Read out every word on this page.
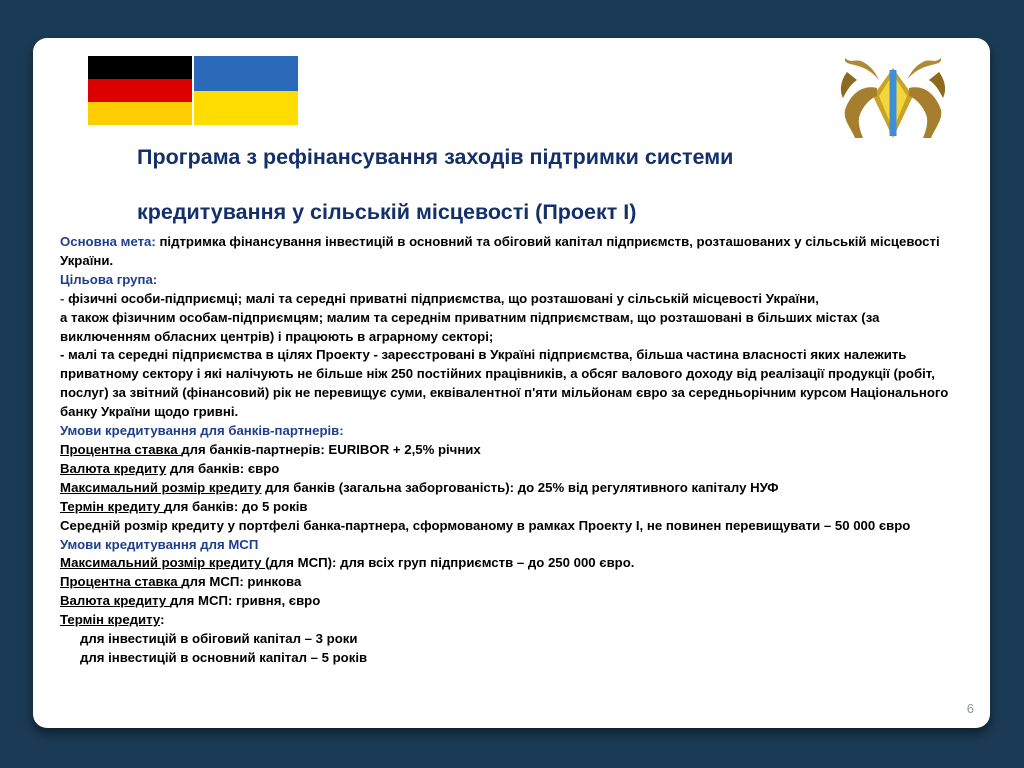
Програма з рефінансування заходів підтримки системи
кредитування у сільській місцевості (Проект I)

Основна мета: підтримка фінансування інвестицій в основний та обіговий капітал підприємств, розташованих у сільській місцевості України.

Цільова група:

- фізичні особи-підприємці; малі та середні приватні підприємства, що розташовані у сільській місцевості України,
а також фізичним особам-підприємцям; малим та середнім приватним підприємствам, що розташовані в більших містах (за виключенням обласних центрів) і працюють в аграрному секторі;

- малі та середні підприємства в цілях Проекту - зареєстровані в Україні підприємства, більша частина власності яких належить приватному сектору і які налічують не більше ніж 250 постійних працівників, а обсяг валового доходу від реалізації продукції (робіт, послуг) за звітний (фінансовий) рік не перевищує суми, еквівалентної п'яти мільйонам євро за середньорічним курсом Національного банку України щодо гривні.

Умови кредитування для банків-партнерів:

Процентна ставка для банків-партнерів: EURIBOR + 2,5% річних

Валюта кредиту для банків: євро

Максимальний розмір кредиту для банків (загальна заборгованість): до 25% від регулятивного капіталу НУФ

Термін кредиту для банків: до 5 років

Середній розмір кредиту у портфелі банка-партнера, сформованому в рамках Проекту I, не повинен перевищувати – 50 000 євро

Умови кредитування для МСП

Максимальний розмір кредиту (для МСП): для всіх груп підприємств – до 250 000 євро.

Процентна ставка для МСП: ринкова

Валюта кредиту для МСП: гривня, євро

Термін кредиту:

для інвестицій в обіговий капітал – 3 роки

для інвестицій в основний капітал – 5 років

6
